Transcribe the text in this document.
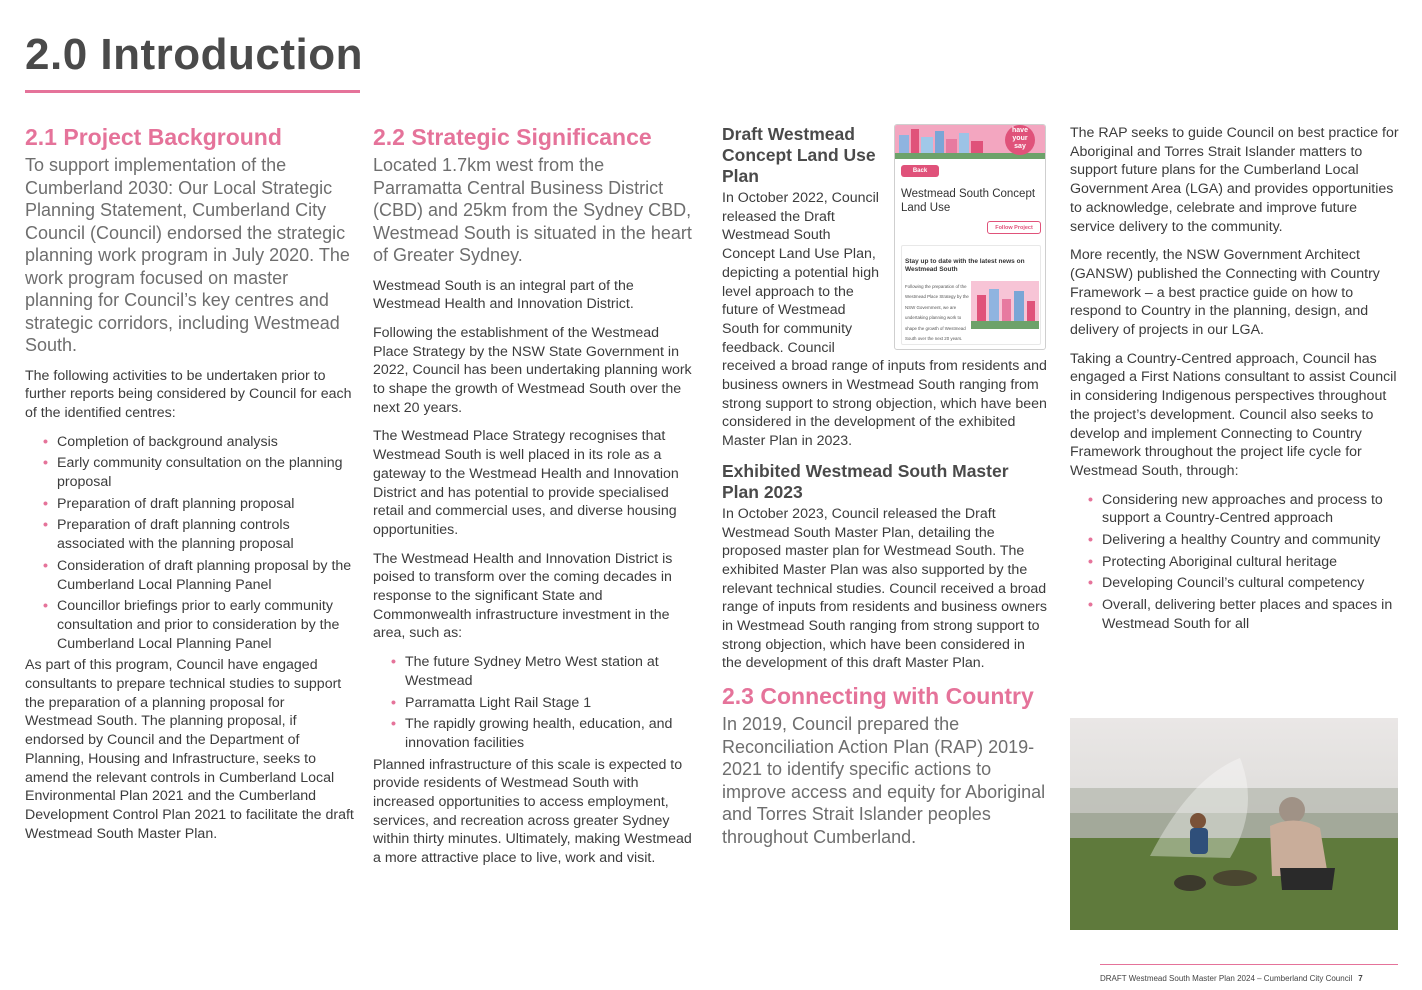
2.0 Introduction
2.1 Project Background

To support implementation of the Cumberland 2030: Our Local Strategic Planning Statement, Cumberland City Council (Council) endorsed the strategic planning work program in July 2020. The work program focused on master planning for Council’s key centres and strategic corridors, including Westmead South.

The following activities to be undertaken prior to further reports being considered by Council for each of the identified centres:

• Completion of background analysis
• Early community consultation on the planning proposal
• Preparation of draft planning proposal
• Preparation of draft planning controls associated with the planning proposal
• Consideration of draft planning proposal by the Cumberland Local Planning Panel
• Councillor briefings prior to early community consultation and prior to consideration by the Cumberland Local Planning Panel

As part of this program, Council have engaged consultants to prepare technical studies to support the preparation of a planning proposal for Westmead South. The planning proposal, if endorsed by Council and the Department of Planning, Housing and Infrastructure, seeks to amend the relevant controls in Cumberland Local Environmental Plan 2021 and the Cumberland Development Control Plan 2021 to facilitate the draft Westmead South Master Plan.

2.2 Strategic Significance

Located 1.7km west from the Parramatta Central Business District (CBD) and 25km from the Sydney CBD, Westmead South is situated in the heart of Greater Sydney.

Westmead South is an integral part of the Westmead Health and Innovation District.

Following the establishment of the Westmead Place Strategy by the NSW State Government in 2022, Council has been undertaking planning work to shape the growth of Westmead South over the next 20 years.

The Westmead Place Strategy recognises that Westmead South is well placed in its role as a gateway to the Westmead Health and Innovation District and has potential to provide specialised retail and commercial uses, and diverse housing opportunities.

The Westmead Health and Innovation District is poised to transform over the coming decades in response to the significant State and Commonwealth infrastructure investment in the area, such as:

• The future Sydney Metro West station at Westmead
• Parramatta Light Rail Stage 1
• The rapidly growing health, education, and innovation facilities

Planned infrastructure of this scale is expected to provide residents of Westmead South with increased opportunities to access employment, services, and recreation across greater Sydney within thirty minutes. Ultimately, making Westmead a more attractive place to live, work and visit.

have
your
say
Back
Westmead South Concept Land Use
Follow Project
Stay up to date with the latest news on Westmead South
Following the preparation of the Westmead Place Strategy by the NSW Government, we are undertaking planning work to shape the growth of Westmead South over the next 20 years.
Draft Westmead Concept Land Use Plan

In October 2022, Council released the Draft Westmead South Concept Land Use Plan, depicting a potential high level approach to the future of Westmead South for community feedback. Council received a broad range of inputs from residents and business owners in Westmead South ranging from strong support to strong objection, which have been considered in the development of the exhibited Master Plan in 2023.

Exhibited Westmead South Master Plan 2023

In October 2023, Council released the Draft Westmead South Master Plan, detailing the proposed master plan for Westmead South. The exhibited Master Plan was also supported by the relevant technical studies. Council received a broad range of inputs from residents and business owners in Westmead South ranging from strong support to strong objection, which have been considered in the development of this draft Master Plan.

2.3 Connecting with Country

In 2019, Council prepared the Reconciliation Action Plan (RAP) 2019-2021 to identify specific actions to improve access and equity for Aboriginal and Torres Strait Islander peoples throughout Cumberland.

The RAP seeks to guide Council on best practice for Aboriginal and Torres Strait Islander matters to support future plans for the Cumberland Local Government Area (LGA) and provides opportunities to acknowledge, celebrate and improve future service delivery to the community.

More recently, the NSW Government Architect (GANSW) published the Connecting with Country Framework – a best practice guide on how to respond to Country in the planning, design, and delivery of projects in our LGA.

Taking a Country-Centred approach, Council has engaged a First Nations consultant to assist Council in considering Indigenous perspectives throughout the project’s development. Council also seeks to develop and implement Connecting to Country Framework throughout the project life cycle for Westmead South, through:

• Considering new approaches and process to support a Country-Centred approach
• Delivering a healthy Country and community
• Protecting Aboriginal cultural heritage
• Developing Council’s cultural competency
• Overall, delivering better places and spaces in Westmead South for all
DRAFT Westmead South Master Plan 2024 – Cumberland City Council 7
